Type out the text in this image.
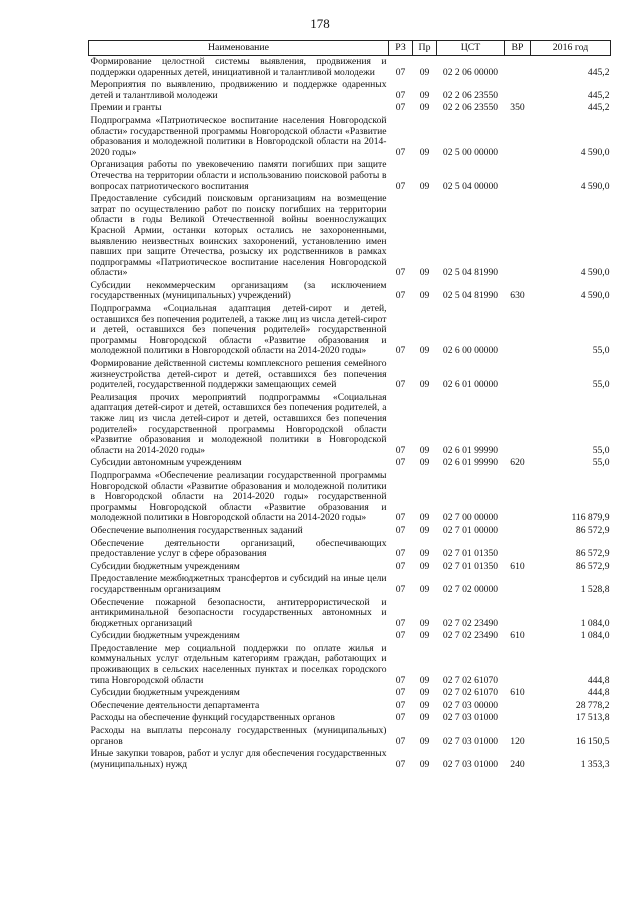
178
Наименование	РЗ	Пр	ЦСТ	ВР	2016 год
Формирование целостной системы выявления, продвижения и поддержки одаренных детей, инициативной и талантливой молодежи	07	09	02 2 06 00000		445,2
Мероприятия по выявлению, продвижению и поддержке одаренных детей и талантливой молодежи	07	09	02 2 06 23550		445,2
Премии и гранты	07	09	02 2 06 23550	350	445,2
Подпрограмма «Патриотическое воспитание населения Новгородской области» государственной программы Новгородской области «Развитие образования и молодежной политики в Новгородской области на 2014-2020 годы»	07	09	02 5 00 00000		4 590,0
Организация работы по увековечению памяти погибших при защите Отечества на территории области и использованию поисковой работы в вопросах патриотического воспитания	07	09	02 5 04 00000		4 590,0
Предоставление субсидий поисковым организациям на возмещение затрат по осуществлению работ по поиску погибших на территории области в годы Великой Отечественной войны военнослужащих Красной Армии, останки которых остались не захороненными, выявлению неизвестных воинских захоронений, установлению имен павших при защите Отечества, розыску их родственников в рамках подпрограммы «Патриотическое воспитание населения Новгородской области»	07	09	02 5 04 81990		4 590,0
Субсидии некоммерческим организациям (за исключением государственных (муниципальных) учреждений)	07	09	02 5 04 81990	630	4 590,0
Подпрограмма «Социальная адаптация детей-сирот и детей, оставшихся без попечения родителей, а также лиц из числа детей-сирот и детей, оставшихся без попечения родителей» государственной программы Новгородской области «Развитие образования и молодежной политики в Новгородской области на 2014-2020 годы»	07	09	02 6 00 00000		55,0
Формирование действенной системы комплексного решения семейного жизнеустройства детей-сирот и детей, оставшихся без попечения родителей, государственной поддержки замещающих семей	07	09	02 6 01 00000		55,0
Реализация прочих мероприятий подпрограммы «Социальная адаптация детей-сирот и детей, оставшихся без попечения родителей, а также лиц из числа детей-сирот и детей, оставшихся без попечения родителей» государственной программы Новгородской области «Развитие образования и молодежной политики в Новгородской области на 2014-2020 годы»	07	09	02 6 01 99990		55,0
Субсидии автономным учреждениям	07	09	02 6 01 99990	620	55,0
Подпрограмма «Обеспечение реализации государственной программы Новгородской области «Развитие образования и молодежной политики в Новгородской области на 2014-2020 годы» государственной программы Новгородской области «Развитие образования и молодежной политики в Новгородской области на 2014-2020 годы»	07	09	02 7 00 00000		116 879,9
Обеспечение выполнения государственных заданий	07	09	02 7 01 00000		86 572,9
Обеспечение деятельности организаций, обеспечивающих предоставление услуг в сфере образования	07	09	02 7 01 01350		86 572,9
Субсидии бюджетным учреждениям	07	09	02 7 01 01350	610	86 572,9
Предоставление межбюджетных трансфертов и субсидий на иные цели государственным организациям	07	09	02 7 02 00000		1 528,8
Обеспечение пожарной безопасности, антитеррористической и антикриминальной безопасности государственных автономных и бюджетных организаций	07	09	02 7 02 23490		1 084,0
Субсидии бюджетным учреждениям	07	09	02 7 02 23490	610	1 084,0
Предоставление мер социальной поддержки по оплате жилья и коммунальных услуг отдельным категориям граждан, работающих и проживающих в сельских населенных пунктах и поселках городского типа Новгородской области	07	09	02 7 02 61070		444,8
Субсидии бюджетным учреждениям	07	09	02 7 02 61070	610	444,8
Обеспечение деятельности департамента	07	09	02 7 03 00000		28 778,2
Расходы на обеспечение функций государственных органов	07	09	02 7 03 01000		17 513,8
Расходы на выплаты персоналу государственных (муниципальных) органов	07	09	02 7 03 01000	120	16 150,5
Иные закупки товаров, работ и услуг для обеспечения государственных (муниципальных) нужд	07	09	02 7 03 01000	240	1 353,3
